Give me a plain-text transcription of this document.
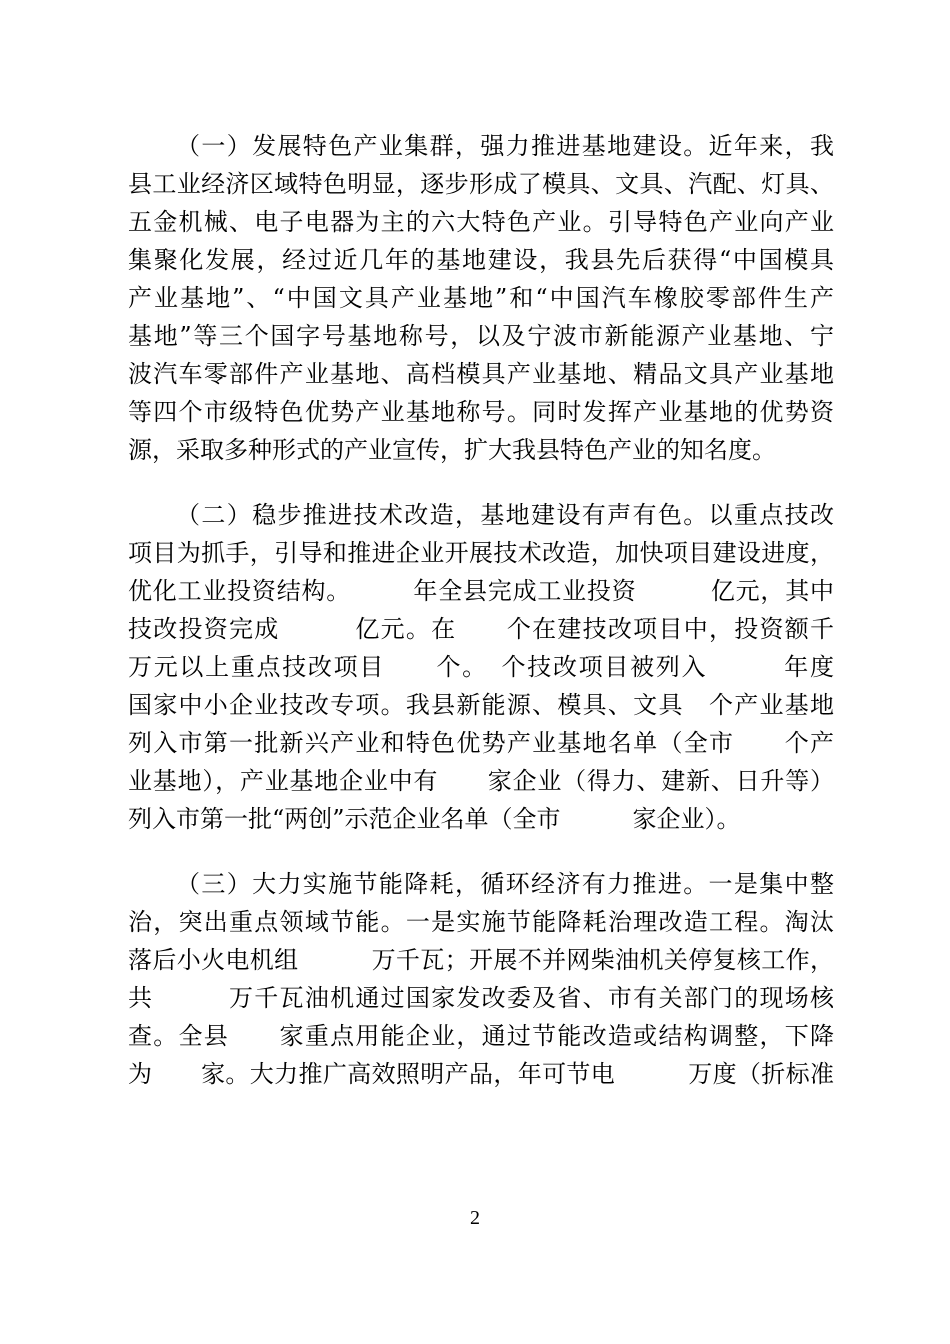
（一）发展特色产业集群，强力推进基地建设。近年来，我
县工业经济区域特色明显，逐步形成了模具、文具、汽配、灯具、
五金机械、电子电器为主的六大特色产业。引导特色产业向产业
集聚化发展，经过近几年的基地建设，我县先后获得“中国模具
产业基地”、“中国文具产业基地”和“中国汽车橡胶零部件生产
基地”等三个国字号基地称号，以及宁波市新能源产业基地、宁
波汽车零部件产业基地、高档模具产业基地、精品文具产业基地
等四个市级特色优势产业基地称号。同时发挥产业基地的优势资
源，采取多种形式的产业宣传，扩大我县特色产业的知名度。
（二）稳步推进技术改造，基地建设有声有色。以重点技改
项目为抓手，引导和推进企业开展技术改造，加快项目建设进度，
优化工业投资结构。　　　年全县完成工业投资　　　亿元，其中
技改投资完成　　　亿元。在　　个在建技改项目中，投资额千
万元以上重点技改项目　　个。　个技改项目被列入　　　年度
国家中小企业技改专项。我县新能源、模具、文具　个产业基地
列入市第一批新兴产业和特色优势产业基地名单（全市　　个产
业基地），产业基地企业中有　　家企业（得力、建新、日升等）
列入市第一批“两创”示范企业名单（全市　　　家企业）。
（三）大力实施节能降耗，循环经济有力推进。一是集中整
治，突出重点领域节能。一是实施节能降耗治理改造工程。淘汰
落后小火电机组　　　万千瓦；开展不并网柴油机关停复核工作，
共　　　万千瓦油机通过国家发改委及省、市有关部门的现场核
查。全县　　家重点用能企业，通过节能改造或结构调整，下降
为　　家。大力推广高效照明产品，年可节电　　　万度（折标准
2
